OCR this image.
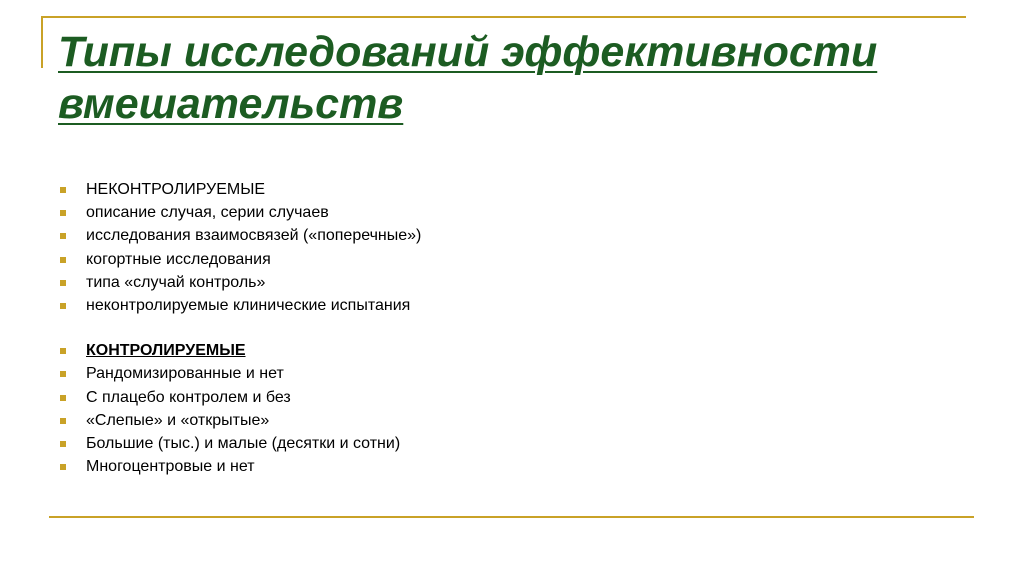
Типы исследований эффективности
вмешательств
НЕКОНТРОЛИРУЕМЫЕ
описание случая, серии случаев
исследования взаимосвязей («поперечные»)
когортные исследования
типа «случай контроль»
неконтролируемые клинические испытания
КОНТРОЛИРУЕМЫЕ
Рандомизированные и нет
С плацебо контролем и без
«Слепые» и «открытые»
Большие (тыс.) и малые (десятки и сотни)
Многоцентровые и нет
